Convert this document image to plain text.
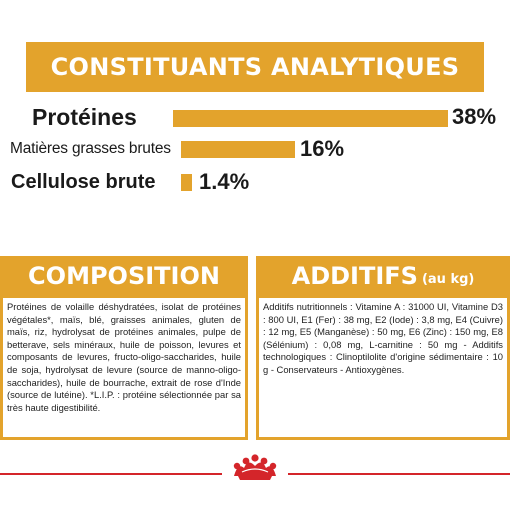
CONSTITUANTS ANALYTIQUES
Protéines	38%
Matières grasses brutes	16%
Cellulose brute 1.4%
COMPOSITION
Protéines de volaille déshydratées, isolat de protéines végétales*, maïs, blé, graisses animales, gluten de maïs, riz, hydrolysat de protéines animales, pulpe de betterave, sels minéraux, huile de poisson, levures et composants de levures, fructo-oligo-saccharides, huile de soja, hydrolysat de levure (source de manno-oligo-saccharides), huile de bourrache, extrait de rose d'Inde (source de lutéine). *L.I.P. : protéine sélectionnée par sa très haute digestibilité.
ADDITIFS (au kg)
Additifs nutritionnels : Vitamine A : 31000 UI, Vitamine D3 : 800 UI, E1 (Fer) : 38 mg, E2 (Iode) : 3,8 mg, E4 (Cuivre) : 12 mg, E5 (Manganèse) : 50 mg, E6 (Zinc) : 150 mg, E8 (Sélénium) : 0,08 mg, L-carnitine : 50 mg - Additifs technologiques : Clinoptilolite d'origine sédimentaire : 10 g - Conservateurs - Antioxygènes.
